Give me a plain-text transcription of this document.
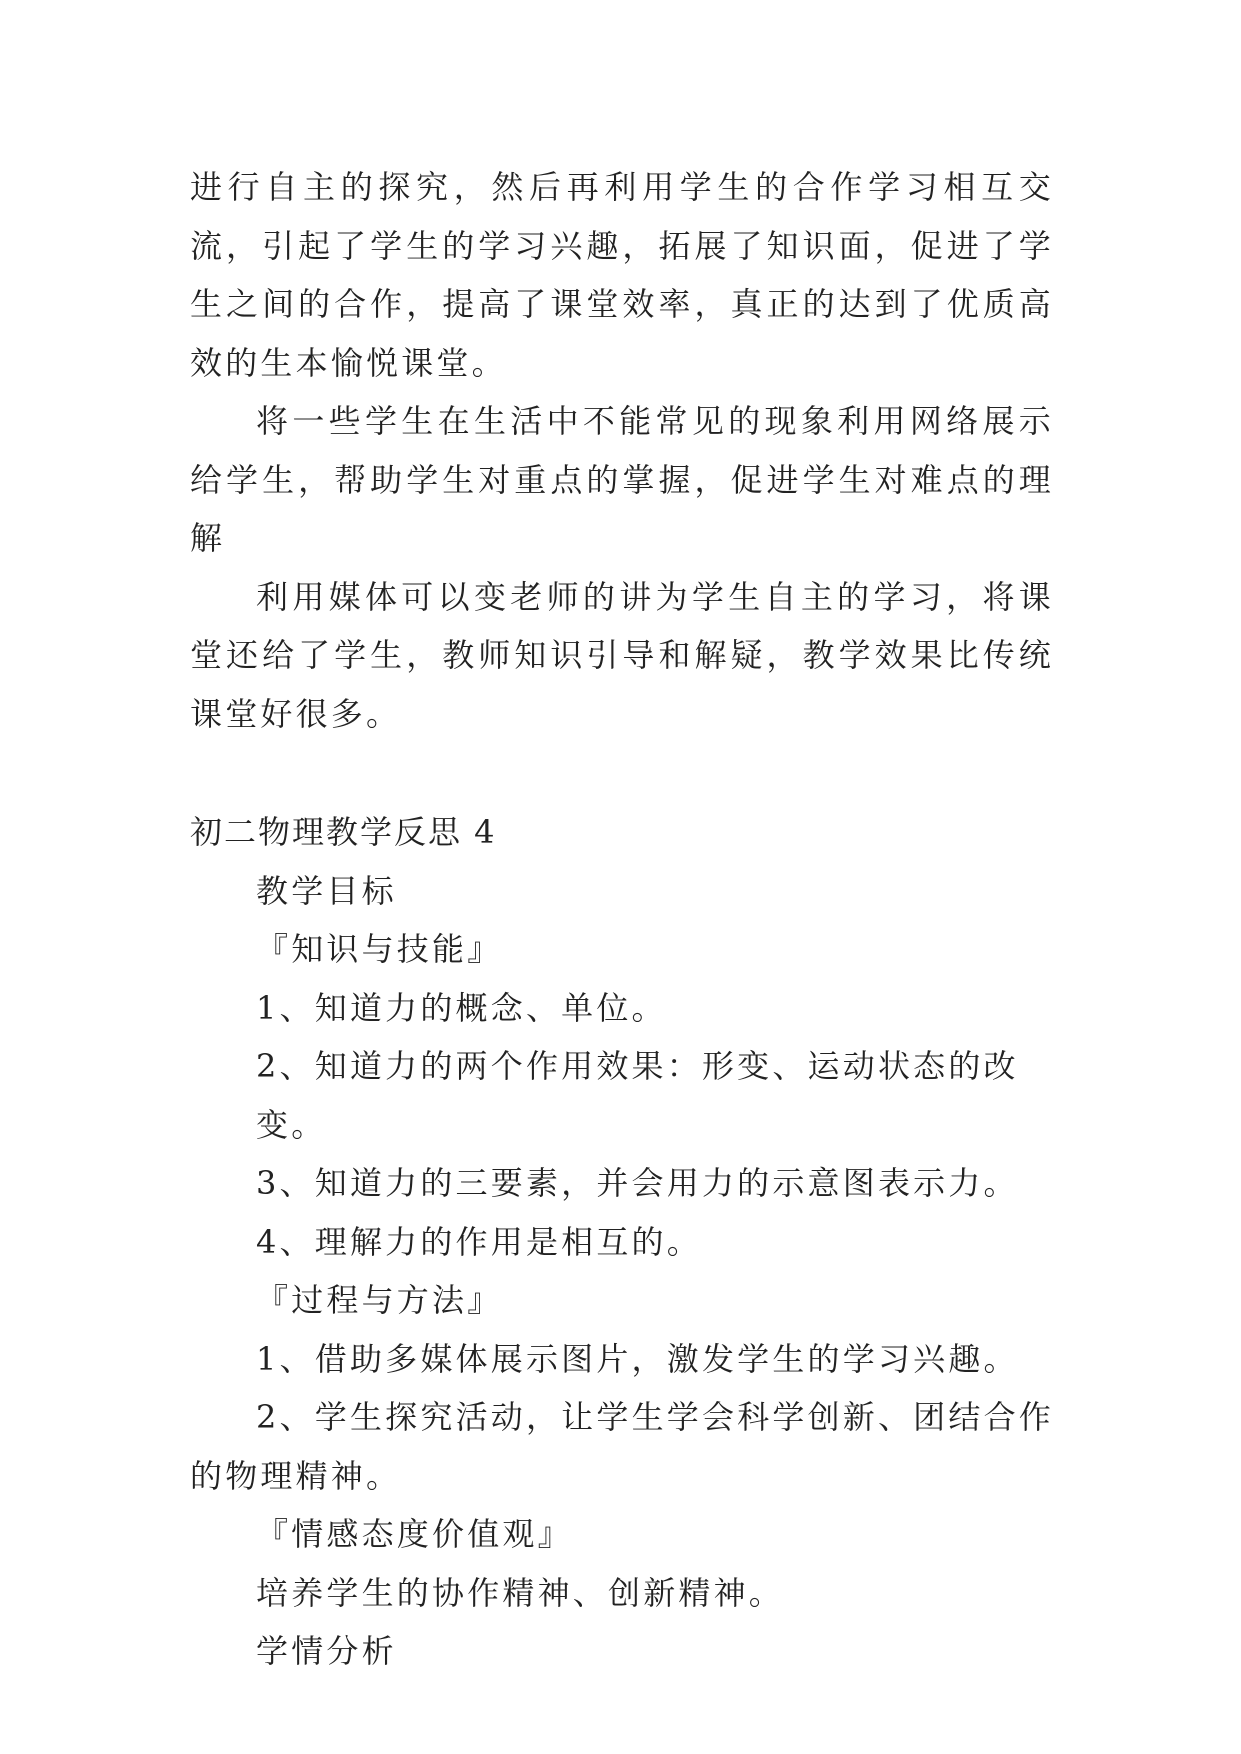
进行自主的探究，然后再利用学生的合作学习相互交流，引起了学生的学习兴趣，拓展了知识面，促进了学生之间的合作，提高了课堂效率，真正的达到了优质高效的生本愉悦课堂。

将一些学生在生活中不能常见的现象利用网络展示给学生，帮助学生对重点的掌握，促进学生对难点的理解

利用媒体可以变老师的讲为学生自主的学习，将课堂还给了学生，教师知识引导和解疑，教学效果比传统课堂好很多。

初二物理教学反思 4

教学目标

『知识与技能』

1、知道力的概念、单位。

2、知道力的两个作用效果：形变、运动状态的改变。

3、知道力的三要素，并会用力的示意图表示力。

4、理解力的作用是相互的。

『过程与方法』

1、借助多媒体展示图片，激发学生的学习兴趣。

2、学生探究活动，让学生学会科学创新、团结合作的物理精神。

『情感态度价值观』

培养学生的协作精神、创新精神。

学情分析
